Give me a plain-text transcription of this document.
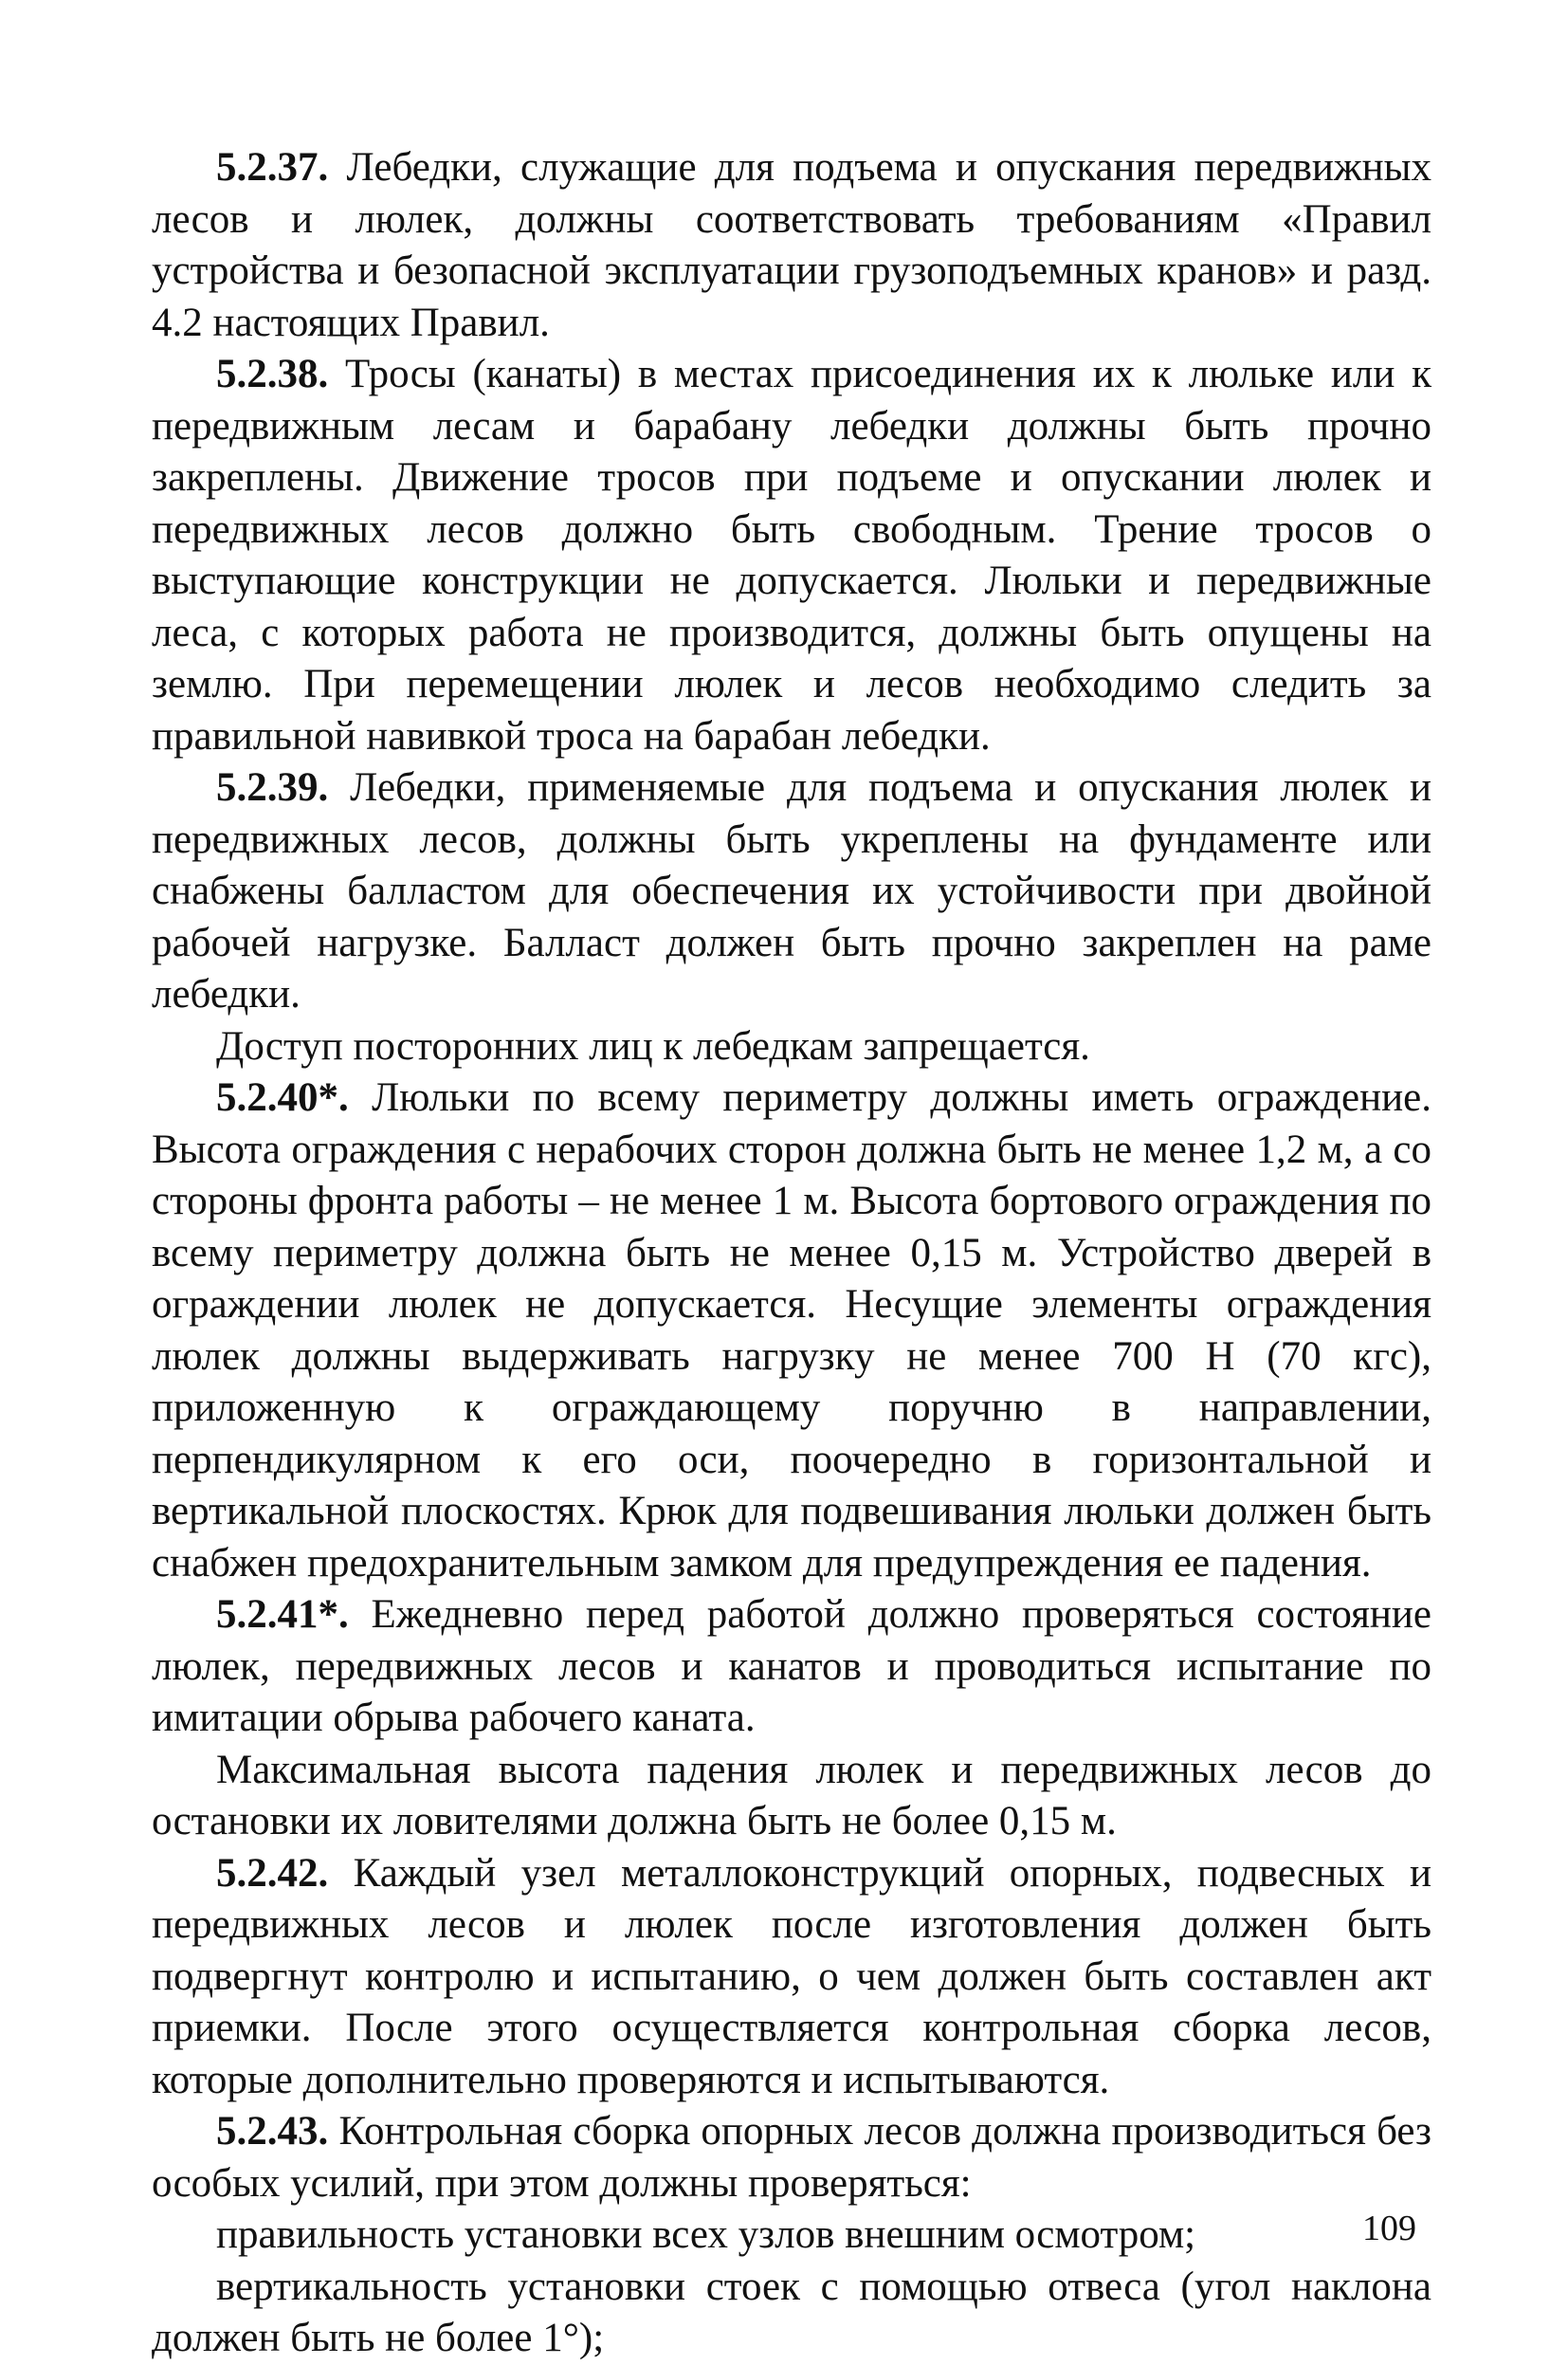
5.2.37. Лебедки, служащие для подъема и опускания передвижных лесов и люлек, должны соответствовать требованиям «Правил устройства и безопасной эксплуатации грузоподъемных кранов» и разд. 4.2 настоящих Правил.

5.2.38. Тросы (канаты) в местах присоединения их к люльке или к передвижным лесам и барабану лебедки должны быть прочно закреплены. Движение тросов при подъеме и опускании люлек и передвижных лесов должно быть свободным. Трение тросов о выступающие конструкции не допускается. Люльки и передвижные леса, с которых работа не производится, должны быть опущены на землю. При перемещении люлек и лесов необходимо следить за правильной навивкой троса на барабан лебедки.

5.2.39. Лебедки, применяемые для подъема и опускания люлек и передвижных лесов, должны быть укреплены на фундаменте или снабжены балластом для обеспечения их устойчивости при двойной рабочей нагрузке. Балласт должен быть прочно закреплен на раме лебедки.

Доступ посторонних лиц к лебедкам запрещается.

5.2.40*. Люльки по всему периметру должны иметь ограждение. Высота ограждения с нерабочих сторон должна быть не менее 1,2 м, а со стороны фронта работы – не менее 1 м. Высота бортового ограждения по всему периметру должна быть не менее 0,15 м. Устройство дверей в ограждении люлек не допускается. Несущие элементы ограждения люлек должны выдерживать нагрузку не менее 700 Н (70 кгс), приложенную к ограждающему поручню в направлении, перпендикулярном к его оси, поочередно в горизонтальной и вертикальной плоскостях. Крюк для подвешивания люльки должен быть снабжен предохранительным замком для предупреждения ее падения.

5.2.41*. Ежедневно перед работой должно проверяться состояние люлек, передвижных лесов и канатов и проводиться испытание по имитации обрыва рабочего каната.

Максимальная высота падения люлек и передвижных лесов до остановки их ловителями должна быть не более 0,15 м.

5.2.42. Каждый узел металлоконструкций опорных, подвесных и передвижных лесов и люлек после изготовления должен быть подвергнут контролю и испытанию, о чем должен быть составлен акт приемки. После этого осуществляется контрольная сборка лесов, которые дополнительно проверяются и испытываются.

5.2.43. Контрольная сборка опорных лесов должна производиться без особых усилий, при этом должны проверяться:

правильность установки всех узлов внешним осмотром;

вертикальность установки стоек с помощью отвеса (угол наклона должен быть не более 1°);

109
